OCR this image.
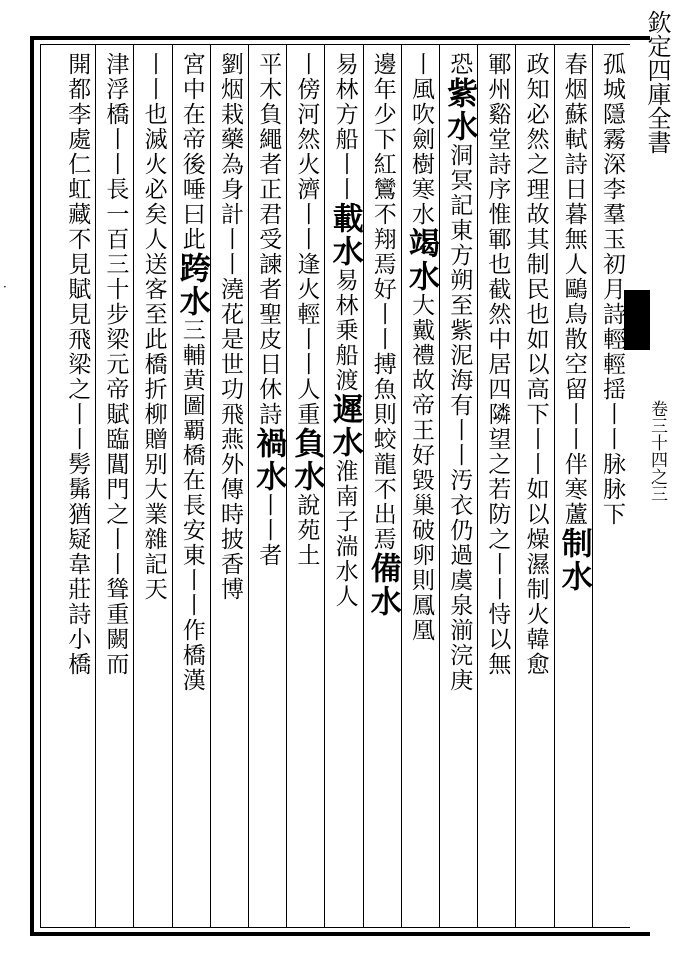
·
欽定四庫全書
卷三十四之三
孤城隱霧深李羣玉初月詩輕輕揺丨丨脉脉下
春烟蘇軾詩日暮無人鷗鳥散空留丨丨伴寒蘆制水
政知必然之理故其制民也如以高下丨丨如以燥濕制火韓愈
鄆州谿堂詩序惟鄆也截然中居四隣望之若防之丨丨恃以無
恐紫水洞冥記東方朔至紫泥海有丨丨汚衣仍過虞泉湔浣庚
丨風吹劍樹寒水竭水大戴禮故帝王好毀巢破卵則鳳凰
邊年少下紅鸞不翔焉好丨丨搏魚則蛟龍不出焉備水
易林方船丨丨載水易林乗船渡遲水淮南子湍水人
丨傍河然火濟丨丨逢火輕丨丨人重負水說苑土
平木負繩者正君受諫者聖皮日休詩禍水丨丨者
劉烟栽藥為身計丨丨澆花是世功飛燕外傳時披香博
宮中在帝後唾曰此跨水三輔黄圖覇橋在長安東丨丨作橋漢
丨丨也滅火必矣人送客至此橋折柳贈别大業雜記天
津浮橋丨丨長一百三十步梁元帝賦臨閶門之丨丨聳重闕而
開都李處仁虹藏不見賦見飛梁之丨丨髣髴猶疑韋莊詩小橋
